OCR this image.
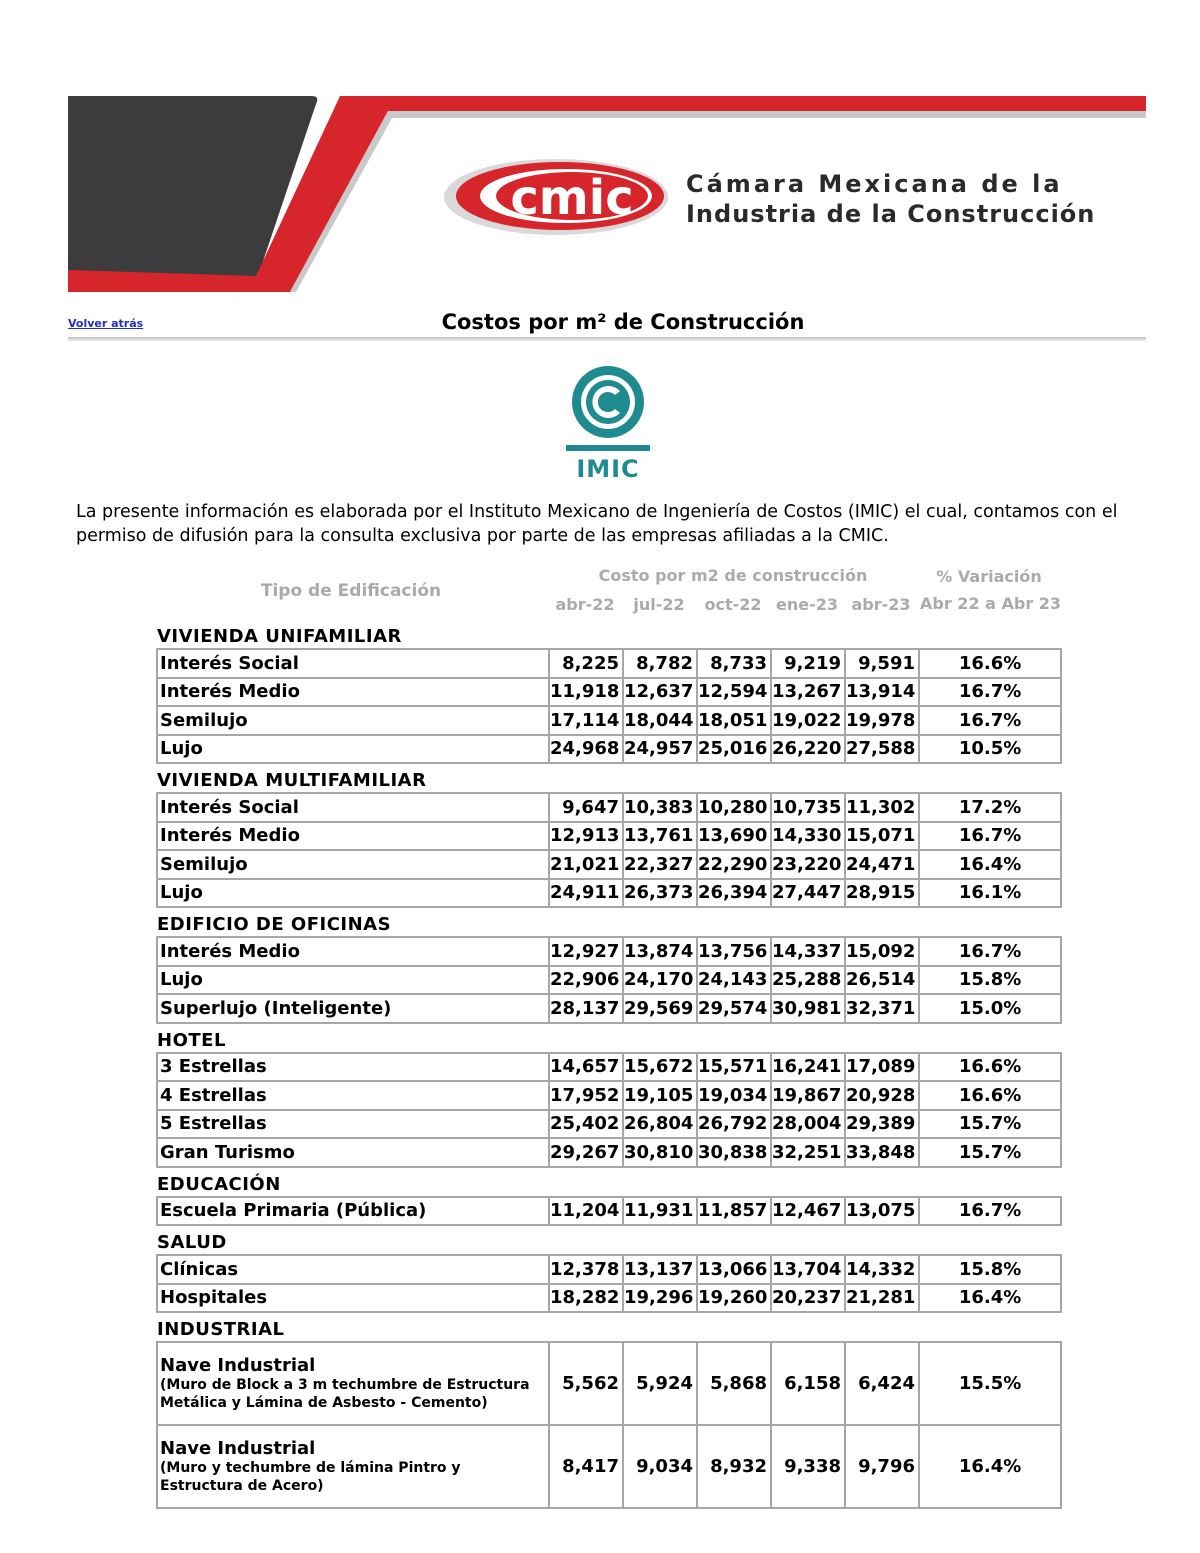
cmic Cámara Mexicana de la
Industria de la Construcción
Volver atrás	Costos por m² de Construcción
IMIC
La presente información es elaborada por el Instituto Mexicano de Ingeniería de Costos (IMIC) el cual, contamos con el permiso de difusión para la consulta exclusiva por parte de las empresas afiliadas a la CMIC.
Tipo de Edificación
Costo por m2 de construcción	% Variación
Abr 22 a Abr 23
abr-22	jul-22	oct-22 ene-23 abr-23
VIVIENDA UNIFAMILIAR						
Interés Social	8,225	8,782	8,733	9,219	9,591	16.6%
Interés Medio	11,918	12,637	12,594	13,267	13,914	16.7%
Semilujo	17,114	18,044	18,051	19,022	19,978	16.7%
Lujo	24,968	24,957	25,016	26,220	27,588	10.5%
VIVIENDA MULTIFAMILIAR						
Interés Social	9,647	10,383	10,280	10,735	11,302	17.2%
Interés Medio	12,913	13,761	13,690	14,330	15,071	16.7%
Semilujo	21,021	22,327	22,290	23,220	24,471	16.4%
Lujo	24,911	26,373	26,394	27,447	28,915	16.1%
EDIFICIO DE OFICINAS						
Interés Medio	12,927	13,874	13,756	14,337	15,092	16.7%
Lujo	22,906	24,170	24,143	25,288	26,514	15.8%
Superlujo (Inteligente)	28,137	29,569	29,574	30,981	32,371	15.0%
HOTEL						
3 Estrellas	14,657	15,672	15,571	16,241	17,089	16.6%
4 Estrellas	17,952	19,105	19,034	19,867	20,928	16.6%
5 Estrellas	25,402	26,804	26,792	28,004	29,389	15.7%
Gran Turismo	29,267	30,810	30,838	32,251	33,848	15.7%
EDUCACIÓN						
Escuela Primaria (Pública)	11,204	11,931	11,857	12,467	13,075	16.7%
SALUD						
Clínicas	12,378	13,137	13,066	13,704	14,332	15.8%
Hospitales	18,282	19,296	19,260	20,237	21,281	16.4%
INDUSTRIAL						
Nave Industrial
(Muro de Block a 3 m techumbre de Estructura Metálica y Lámina de Asbesto - Cemento)	5,562	5,924	5,868	6,158	6,424	15.5%
Nave Industrial
(Muro y techumbre de lámina Pintro y Estructura de Acero)	8,417	9,034	8,932	9,338	9,796	16.4%
